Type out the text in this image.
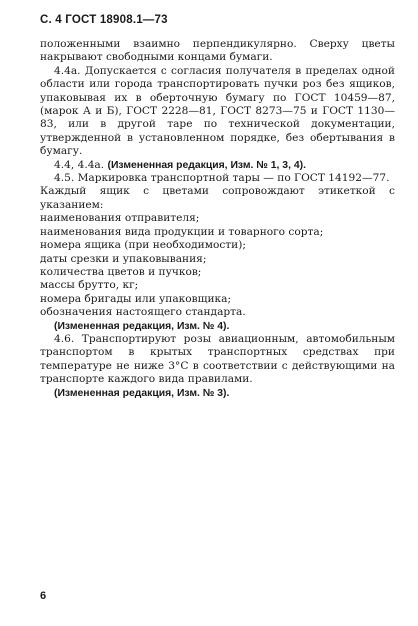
С. 4 ГОСТ 18908.1—73

положенными взаимно перпендикулярно. Сверху цветы накрывают свободными концами бумаги.

4.4а. Допускается с согласия получателя в пределах одной области или города транспортировать пучки роз без ящиков, упаковывая их в оберточную бумагу по ГОСТ 10459—87, (марок А и Б), ГОСТ 2228—81, ГОСТ 8273—75 и ГОСТ 1130—83, или в другой таре по технической документации, утвержденной в установленном порядке, без обертывания в бумагу.

4.4, 4.4а. (Измененная редакция, Изм. № 1, 3, 4).

4.5. Маркировка транспортной тары — по ГОСТ 14192—77.

Каждый ящик с цветами сопровождают этикеткой с указанием:

наименования отправителя;

наименования вида продукции и товарного сорта;

номера ящика (при необходимости);

даты срезки и упаковывания;

количества цветов и пучков;

массы брутто, кг;

номера бригады или упаковщика;

обозначения настоящего стандарта.

(Измененная редакция, Изм. № 4).

4.6. Транспортируют розы авиационным, автомобильным транспортом в крытых транспортных средствах при температуре не ниже 3°С в соответствии с действующими на транспорте каждого вида правилами.

(Измененная редакция, Изм. № 3).

6
